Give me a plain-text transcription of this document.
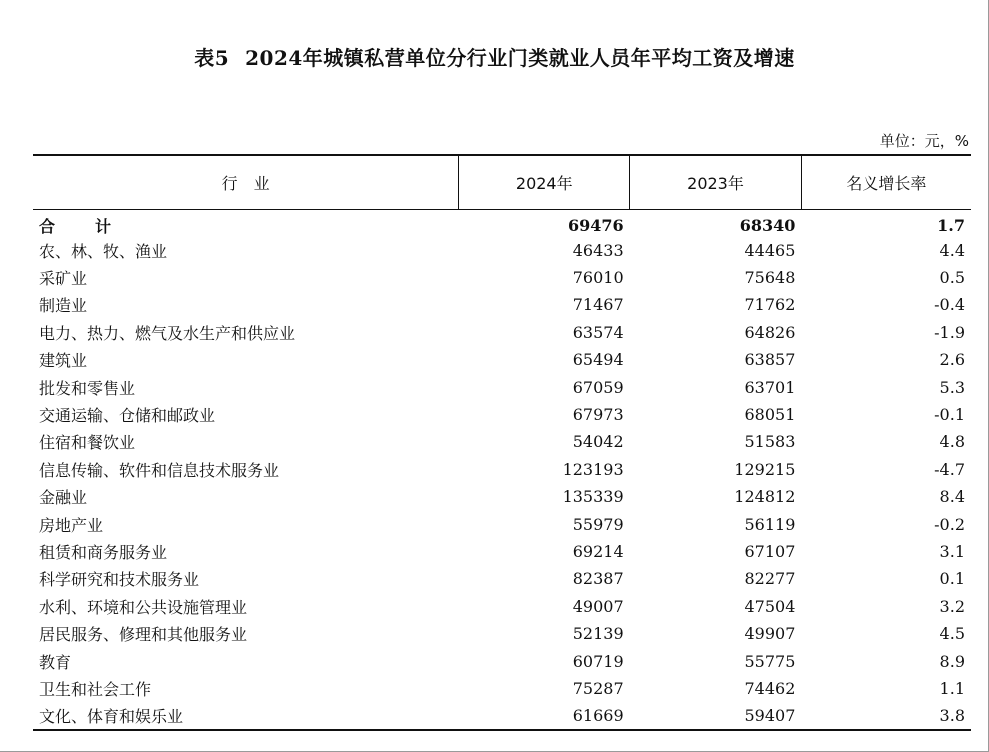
表5 2024年城镇私营单位分行业门类就业人员年平均工资及增速
单位：元，%
行　业	2024年	2023年	名义增长率
合　计	69476	68340	1.7
农、林、牧、渔业	46433	44465	4.4
采矿业	76010	75648	0.5
制造业	71467	71762	-0.4
电力、热力、燃气及水生产和供应业	63574	64826	-1.9
建筑业	65494	63857	2.6
批发和零售业	67059	63701	5.3
交通运输、仓储和邮政业	67973	68051	-0.1
住宿和餐饮业	54042	51583	4.8
信息传输、软件和信息技术服务业	123193	129215	-4.7
金融业	135339	124812	8.4
房地产业	55979	56119	-0.2
租赁和商务服务业	69214	67107	3.1
科学研究和技术服务业	82387	82277	0.1
水利、环境和公共设施管理业	49007	47504	3.2
居民服务、修理和其他服务业	52139	49907	4.5
教育	60719	55775	8.9
卫生和社会工作	75287	74462	1.1
文化、体育和娱乐业	61669	59407	3.8
